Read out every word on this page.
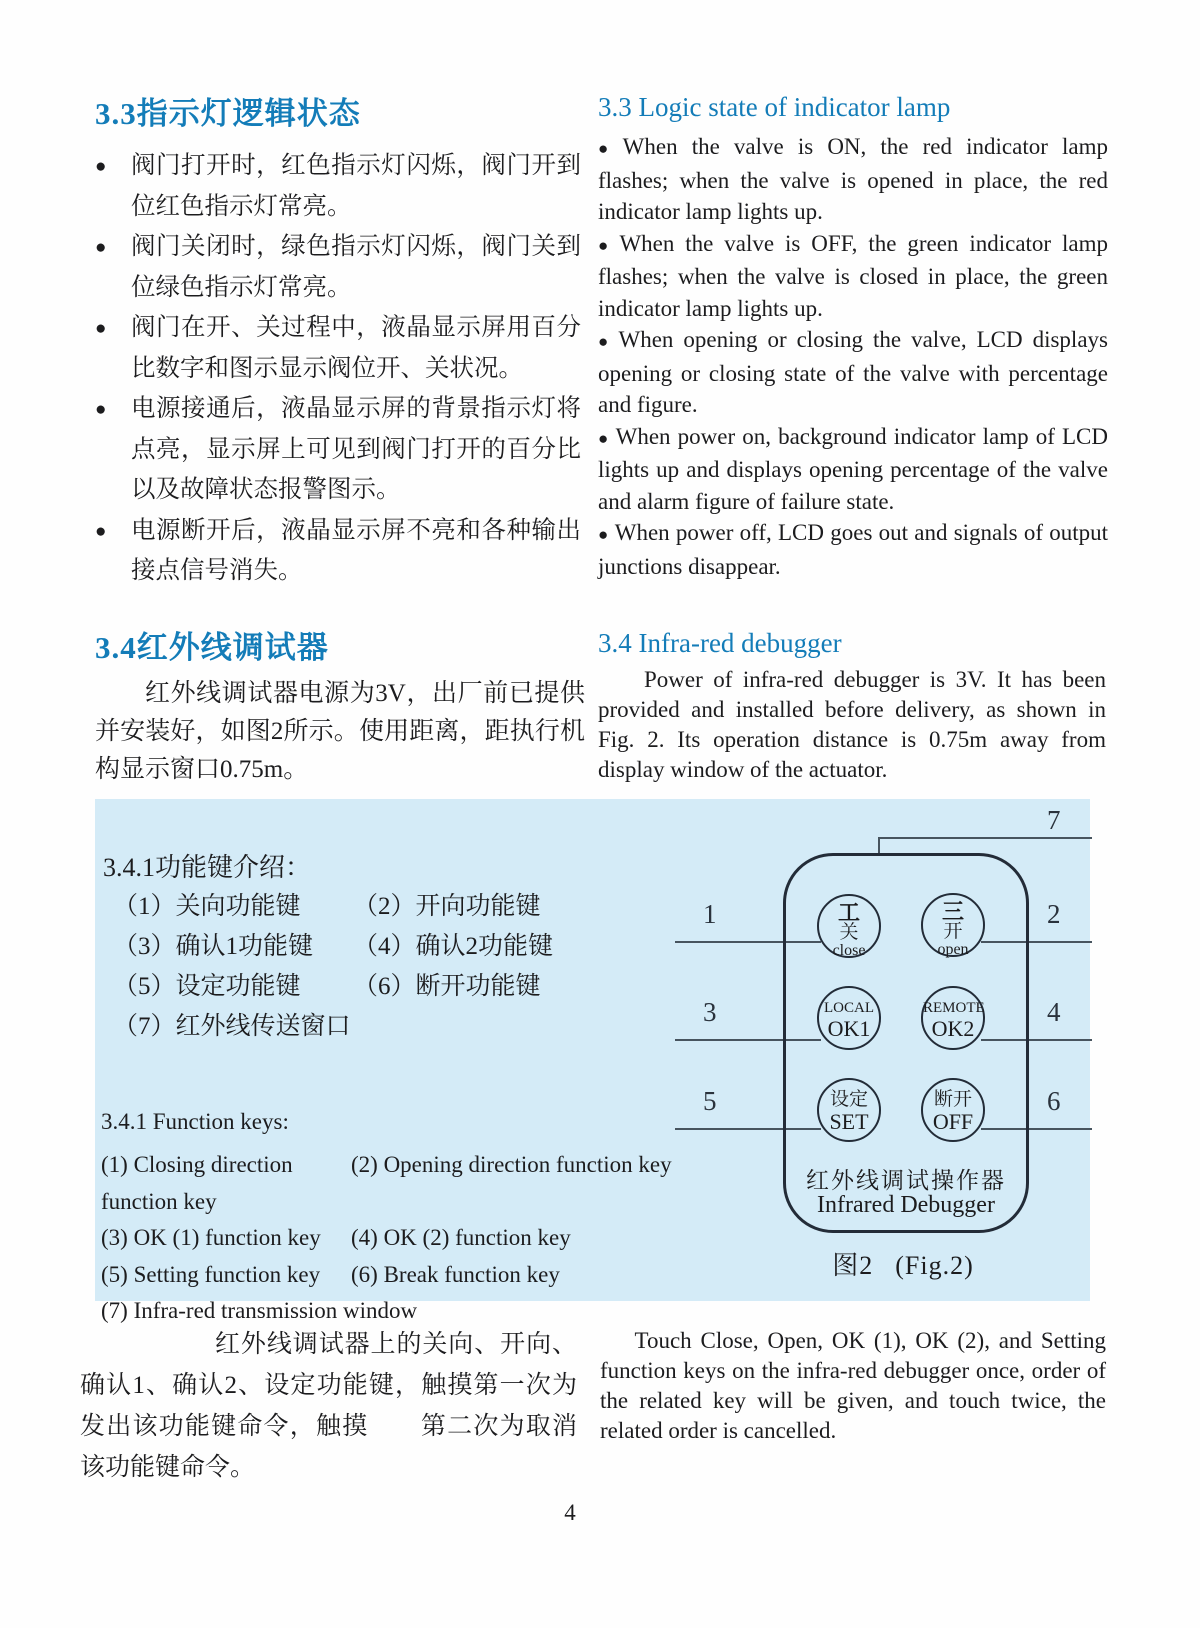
3.3指示灯逻辑状态
● 阀门打开时，红色指示灯闪烁，阀门开到位红色指示灯常亮。
● 阀门关闭时，绿色指示灯闪烁，阀门关到位绿色指示灯常亮。
● 阀门在开、关过程中，液晶显示屏用百分比数字和图示显示阀位开、关状况。
● 电源接通后，液晶显示屏的背景指示灯将点亮，显示屏上可见到阀门打开的百分比以及故障状态报警图示。
● 电源断开后，液晶显示屏不亮和各种输出接点信号消失。
3.3 Logic state of indicator lamp

● When the valve is ON, the red indicator lamp flashes; when the valve is opened in place, the red indicator lamp lights up.

● When the valve is OFF, the green indicator lamp flashes; when the valve is closed in place, the green indicator lamp lights up.

● When opening or closing the valve, LCD displays opening or closing state of the valve with percentage and figure.

● When power on, background indicator lamp of LCD lights up and displays opening percentage of the valve and alarm figure of failure state.

● When power off, LCD goes out and signals of output junctions disappear.

3.4红外线调试器
红外线调试器电源为3V，出厂前已提供并安装好，如图2所示。使用距离，距执行机构显示窗口0.75m。
3.4 Infra-red debugger
Power of infra-red debugger is 3V. It has been provided and installed before delivery, as shown in Fig. 2. Its operation distance is 0.75m away from display window of the actuator.
3.4.1功能键介绍：
（1）关向功能键	（2）开向功能键
（3）确认1功能键	（4）确认2功能键
（5）设定功能键	（6）断开功能键
（7）红外线传送窗口
3.4.1 Function keys:
(1) Closing direction function key
(2) Opening direction function key
(3) OK (1) function key	(4) OK (2) function key
(5) Setting function key	(6) Break function key
(7) Infra-red transmission window
1	2
3	4
5	6
7
红外线调试操作器
Infrared Debugger
工
关
close
三
开
open
LOCAL
OK1
REMOTE
OK2
设定
SET
断开
OFF
图2 (Fig.2)
红外线调试器上的关向、开向、确认1、确认2、设定功能键，触摸第一次为发出该功能键命令，触摸　　第二次为取消该功能键命令。
Touch Close, Open, OK (1), OK (2), and Setting function keys on the infra-red debugger once, order of the related key will be given, and touch twice, the related order is cancelled.
4
